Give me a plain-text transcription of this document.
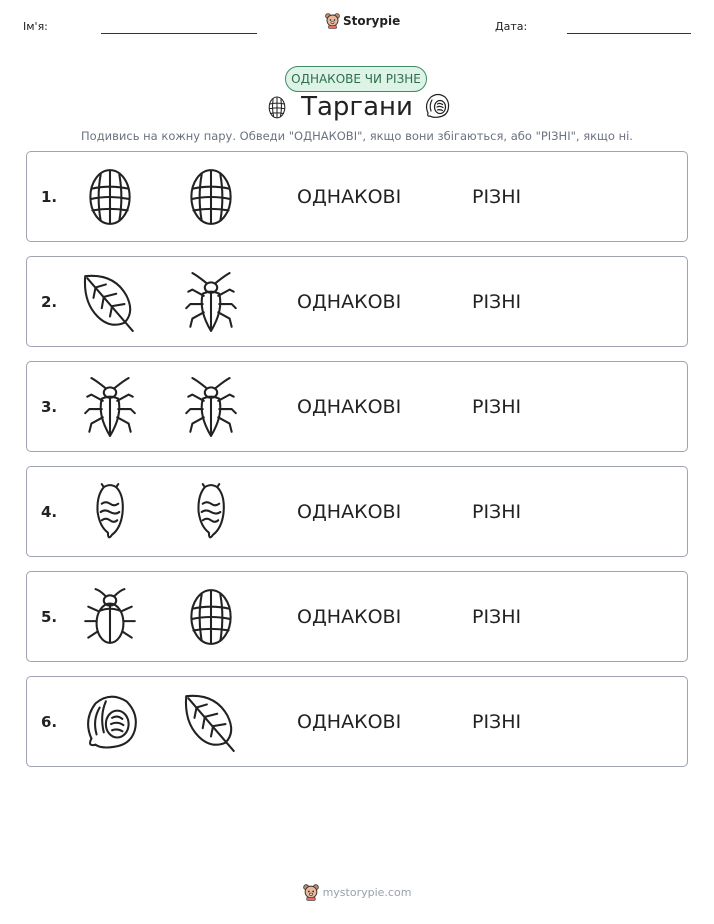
Ім'я:	Storypie	Дата:
ОДНАКОВЕ ЧИ РІЗНЕ
Таргани
Подивись на кожну пару. Обведи "ОДНАКОВІ", якщо вони збігаються, або "РІЗНІ", якщо ні.
1.	ОДНАКОВІ	РІЗНІ
2.	ОДНАКОВІ	РІЗНІ
3.	ОДНАКОВІ	РІЗНІ
4.	ОДНАКОВІ	РІЗНІ
5.	ОДНАКОВІ	РІЗНІ
6.	ОДНАКОВІ	РІЗНІ
mystorypie.com
